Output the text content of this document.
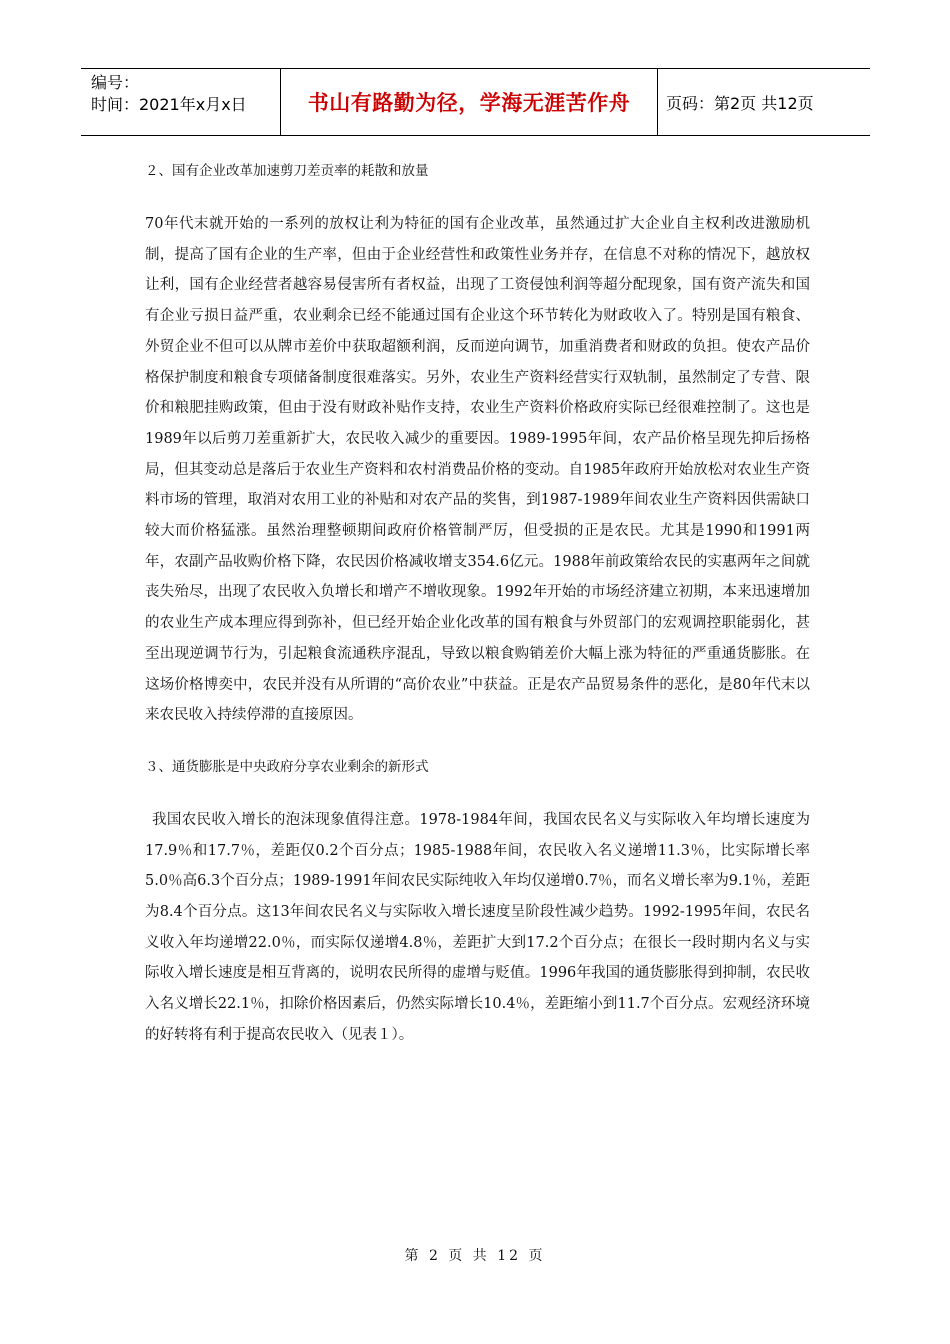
编号：
时间：2021年x月x日	书山有路勤为径，学海无涯苦作舟	页码：第2页 共12页

２、国有企业改革加速剪刀差贡率的耗散和放量

70年代末就开始的一系列的放权让利为特征的国有企业改革，虽然通过扩大企业自主权利改进激励机制，提高了国有企业的生产率，但由于企业经营性和政策性业务并存，在信息不对称的情况下，越放权让利，国有企业经营者越容易侵害所有者权益，出现了工资侵蚀利润等超分配现象，国有资产流失和国有企业亏损日益严重，农业剩余已经不能通过国有企业这个环节转化为财政收入了。特别是国有粮食、外贸企业不但可以从牌市差价中获取超额利润，反而逆向调节，加重消费者和财政的负担。使农产品价格保护制度和粮食专项储备制度很难落实。另外，农业生产资料经营实行双轨制，虽然制定了专营、限价和粮肥挂购政策，但由于没有财政补贴作支持，农业生产资料价格政府实际已经很难控制了。这也是1989年以后剪刀差重新扩大，农民收入减少的重要因。1989-1995年间，农产品价格呈现先抑后扬格局，但其变动总是落后于农业生产资料和农村消费品价格的变动。自1985年政府开始放松对农业生产资料市场的管理，取消对农用工业的补贴和对农产品的奖售，到1987-1989年间农业生产资料因供需缺口较大而价格猛涨。虽然治理整顿期间政府价格管制严厉，但受损的正是农民。尤其是1990和1991两年，农副产品收购价格下降，农民因价格减收增支354.6亿元。1988年前政策给农民的实惠两年之间就丧失殆尽，出现了农民收入负增长和增产不增收现象。1992年开始的市场经济建立初期，本来迅速增加的农业生产成本理应得到弥补，但已经开始企业化改革的国有粮食与外贸部门的宏观调控职能弱化，甚至出现逆调节行为，引起粮食流通秩序混乱，导致以粮食购销差价大幅上涨为特征的严重通货膨胀。在这场价格博奕中，农民并没有从所谓的“高价农业”中获益。正是农产品贸易条件的恶化，是80年代末以来农民收入持续停滞的直接原因。

３、通货膨胀是中央政府分享农业剩余的新形式

我国农民收入增长的泡沫现象值得注意。1978-1984年间，我国农民名义与实际收入年均增长速度为17.9％和17.7％，差距仅0.2个百分点；1985-1988年间，农民收入名义递增11.3％，比实际增长率5.0％高6.3个百分点；1989-1991年间农民实际纯收入年均仅递增0.7％，而名义增长率为9.1％，差距为8.4个百分点。这13年间农民名义与实际收入增长速度呈阶段性减少趋势。1992-1995年间，农民名义收入年均递增22.0％，而实际仅递增4.8％，差距扩大到17.2个百分点；在很长一段时期内名义与实际收入增长速度是相互背离的，说明农民所得的虚增与贬值。1996年我国的通货膨胀得到抑制，农民收入名义增长22.1％，扣除价格因素后，仍然实际增长10.4％，差距缩小到11.7个百分点。宏观经济环境的好转将有利于提高农民收入（见表１）。

第 2 页 共 12 页
